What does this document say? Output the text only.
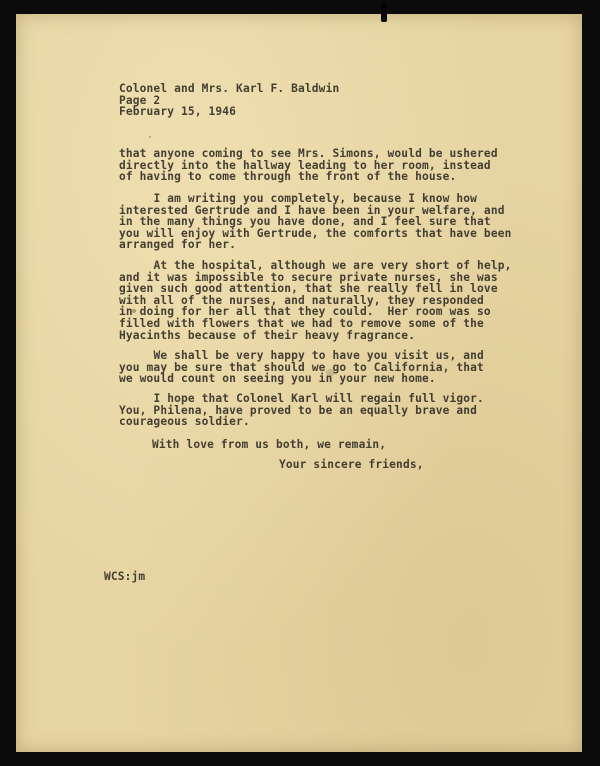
Colonel and Mrs. Karl F. Baldwin
Page 2
February 15, 1946
that anyone coming to see Mrs. Simons, would be ushered
directly into the hallway leading to her room, instead
of having to come through the front of the house.
I am writing you completely, because I know how
interested Gertrude and I have been in your welfare, and
in the many things you have done, and I feel sure that
you will enjoy with Gertrude, the comforts that have been
arranged for her.
At the hospital, although we are very short of help,
and it was impossible to secure private nurses, she was
given such good attention, that she really fell in love
with all of the nurses, and naturally, they responded
in doing for her all that they could.  Her room was so
filled with flowers that we had to remove some of the
Hyacinths because of their heavy fragrance.
We shall be very happy to have you visit us, and
you may be sure that should we go to California, that
we would count on seeing you in your new home.
I hope that Colonel Karl will regain full vigor.
You, Philena, have proved to be an equally brave and
courageous soldier.
With love from us both, we remain,
Your sincere friends,
WCS:jm
